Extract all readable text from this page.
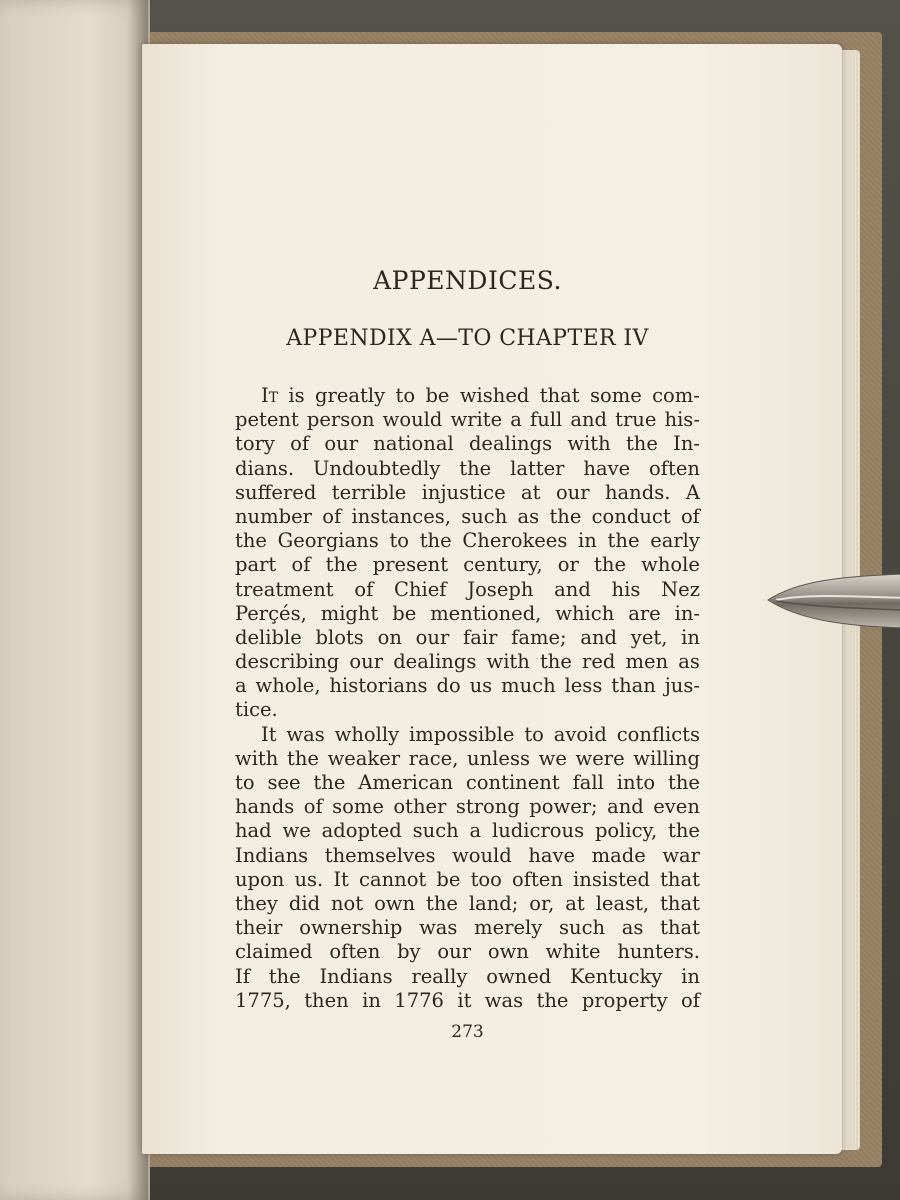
APPENDICES.
APPENDIX A—TO CHAPTER IV
It is greatly to be wished that some com-
petent person would write a full and true his-
tory of our national dealings with the In-
dians. Undoubtedly the latter have often
suffered terrible injustice at our hands. A
number of instances, such as the conduct of
the Georgians to the Cherokees in the early
part of the present century, or the whole
treatment of Chief Joseph and his Nez
Perçés, might be mentioned, which are in-
delible blots on our fair fame; and yet, in
describing our dealings with the red men as
a whole, historians do us much less than jus-
tice.
It was wholly impossible to avoid conflicts
with the weaker race, unless we were willing
to see the American continent fall into the
hands of some other strong power; and even
had we adopted such a ludicrous policy, the
Indians themselves would have made war
upon us. It cannot be too often insisted that
they did not own the land; or, at least, that
their ownership was merely such as that
claimed often by our own white hunters.
If the Indians really owned Kentucky in
1775, then in 1776 it was the property of

273
